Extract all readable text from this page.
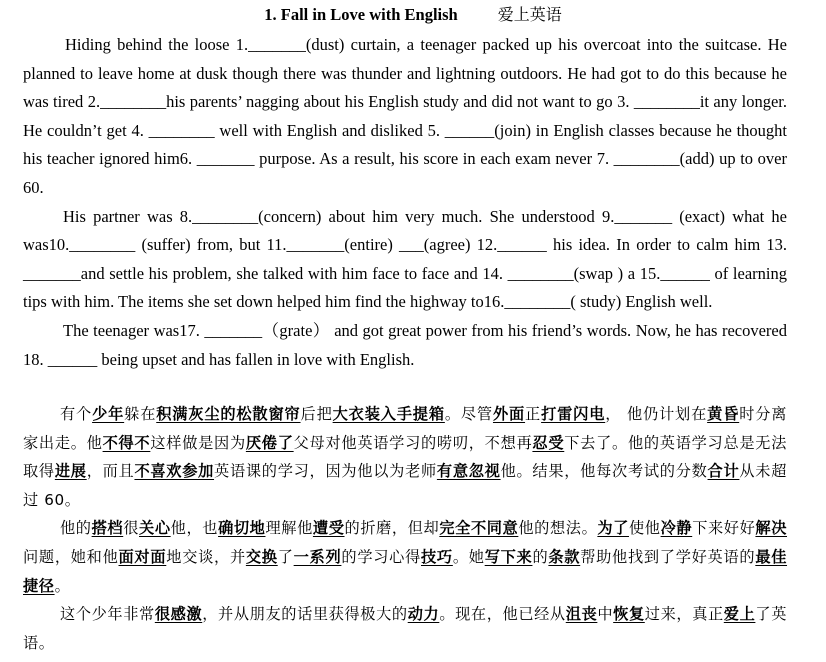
1. Fall in Love with English	爱上英语

Hiding behind the loose 1._______(dust) curtain, a teenager packed up his overcoat into the suitcase. He planned to leave home at dusk though there was thunder and lightning outdoors. He had got to do this because he was tired 2.________his parents’ nagging about his English study and did not want to go 3. ________it any longer. He couldn’t get 4. ________ well with English and disliked 5. ______(join) in English classes because he thought his teacher ignored him6. _______ purpose. As a result, his score in each exam never 7. ________(add) up to over 60.

His partner was 8.________(concern) about him very much. She understood 9._______ (exact) what he was10.________ (suffer) from, but 11._______(entire) ___(agree) 12.______ his idea. In order to calm him 13. _______and settle his problem, she talked with him face to face and 14. ________(swap ) a 15.______ of learning tips with him. The items she set down helped him find the highway to16.________( study) English well.

The teenager was17. _______（grate） and got great power from his friend’s words. Now, he has recovered 18. ______ being upset and has fallen in love with English.

有个少年躲在积满灰尘的松散窗帘后把大衣装入手提箱。尽管外面正打雷闪电， 他仍计划在黄昏时分离家出走。他不得不这样做是因为厌倦了父母对他英语学习的唠叨，不想再忍受下去了。他的英语学习总是无法取得进展，而且不喜欢参加英语课的学习，因为他以为老师有意忽视他。结果，他每次考试的分数合计从未超过 60。

他的搭档很关心他，也确切地理解他遭受的折磨，但却完全不同意他的想法。为了使他冷静下来好好解决问题，她和他面对面地交谈，并交换了一系列的学习心得技巧。她写下来的条款帮助他找到了学好英语的最佳捷径。

这个少年非常很感激，并从朋友的话里获得极大的动力。现在，他已经从沮丧中恢复过来，真正爱上了英语。
